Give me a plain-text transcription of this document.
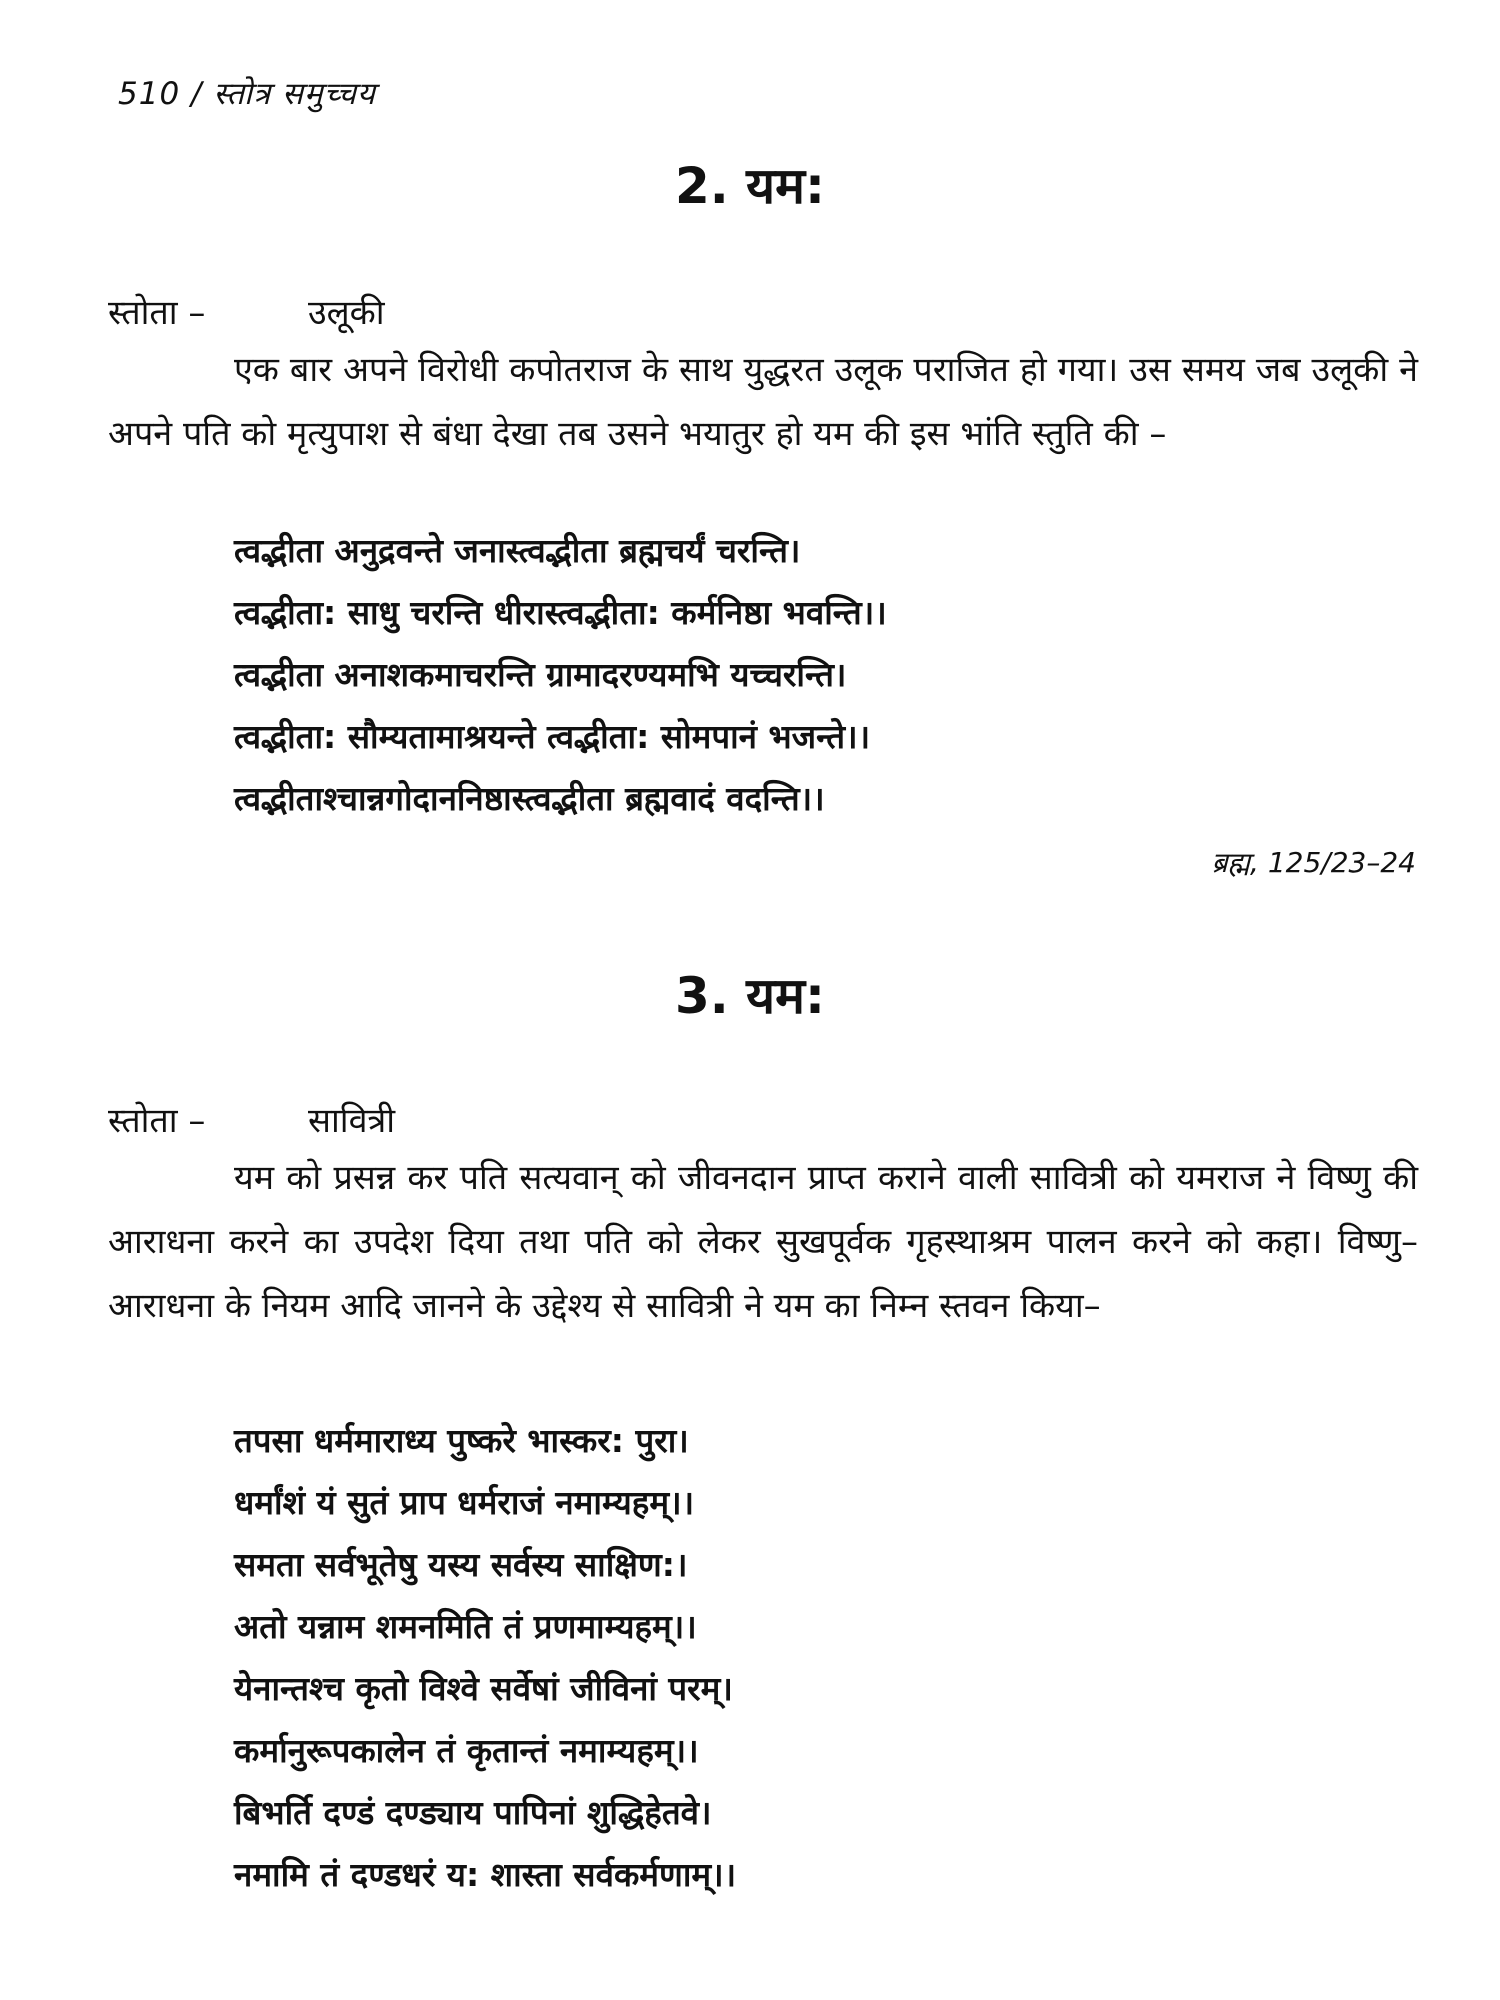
510 / स्तोत्र समुच्चय
2. यम:
स्तोता –	उलूकी

एक बार अपने विरोधी कपोतराज के साथ युद्धरत उलूक पराजित हो गया। उस समय जब उलूकी ने अपने पति को मृत्युपाश से बंधा देखा तब उसने भयातुर हो यम की इस भांति स्तुति की –

त्वद्भीता अनुद्रवन्ते जनास्त्वद्भीता ब्रह्मचर्यं चरन्ति।
त्वद्भीता: साधु चरन्ति धीरास्त्वद्भीता: कर्मनिष्ठा भवन्ति।।
त्वद्भीता अनाशकमाचरन्ति ग्रामादरण्यमभि यच्चरन्ति।
त्वद्भीता: सौम्यतामाश्रयन्ते त्वद्भीता: सोमपानं भजन्ते।।
त्वद्भीताश्चान्नगोदाननिष्ठास्त्वद्भीता ब्रह्मवादं वदन्ति।।
ब्रह्म, 125/23–24
3. यम:
स्तोता –	सावित्री

यम को प्रसन्न कर पति सत्यवान् को जीवनदान प्राप्त कराने वाली सावित्री को यमराज ने विष्णु की आराधना करने का उपदेश दिया तथा पति को लेकर सुखपूर्वक गृहस्थाश्रम पालन करने को कहा। विष्णु–आराधना के नियम आदि जानने के उद्देश्य से सावित्री ने यम का निम्न स्तवन किया–

तपसा धर्ममाराध्य पुष्करे भास्कर: पुरा।
धर्मांशं यं सुतं प्राप धर्मराजं नमाम्यहम्।।
समता सर्वभूतेषु यस्य सर्वस्य साक्षिण:।
अतो यन्नाम शमनमिति तं प्रणमाम्यहम्।।
येनान्तश्च कृतो विश्वे सर्वेषां जीविनां परम्।
कर्मानुरूपकालेन तं कृतान्तं नमाम्यहम्।।
बिभर्ति दण्डं दण्ड्याय पापिनां शुद्धिहेतवे।
नमामि तं दण्डधरं य: शास्ता सर्वकर्मणाम्।।
